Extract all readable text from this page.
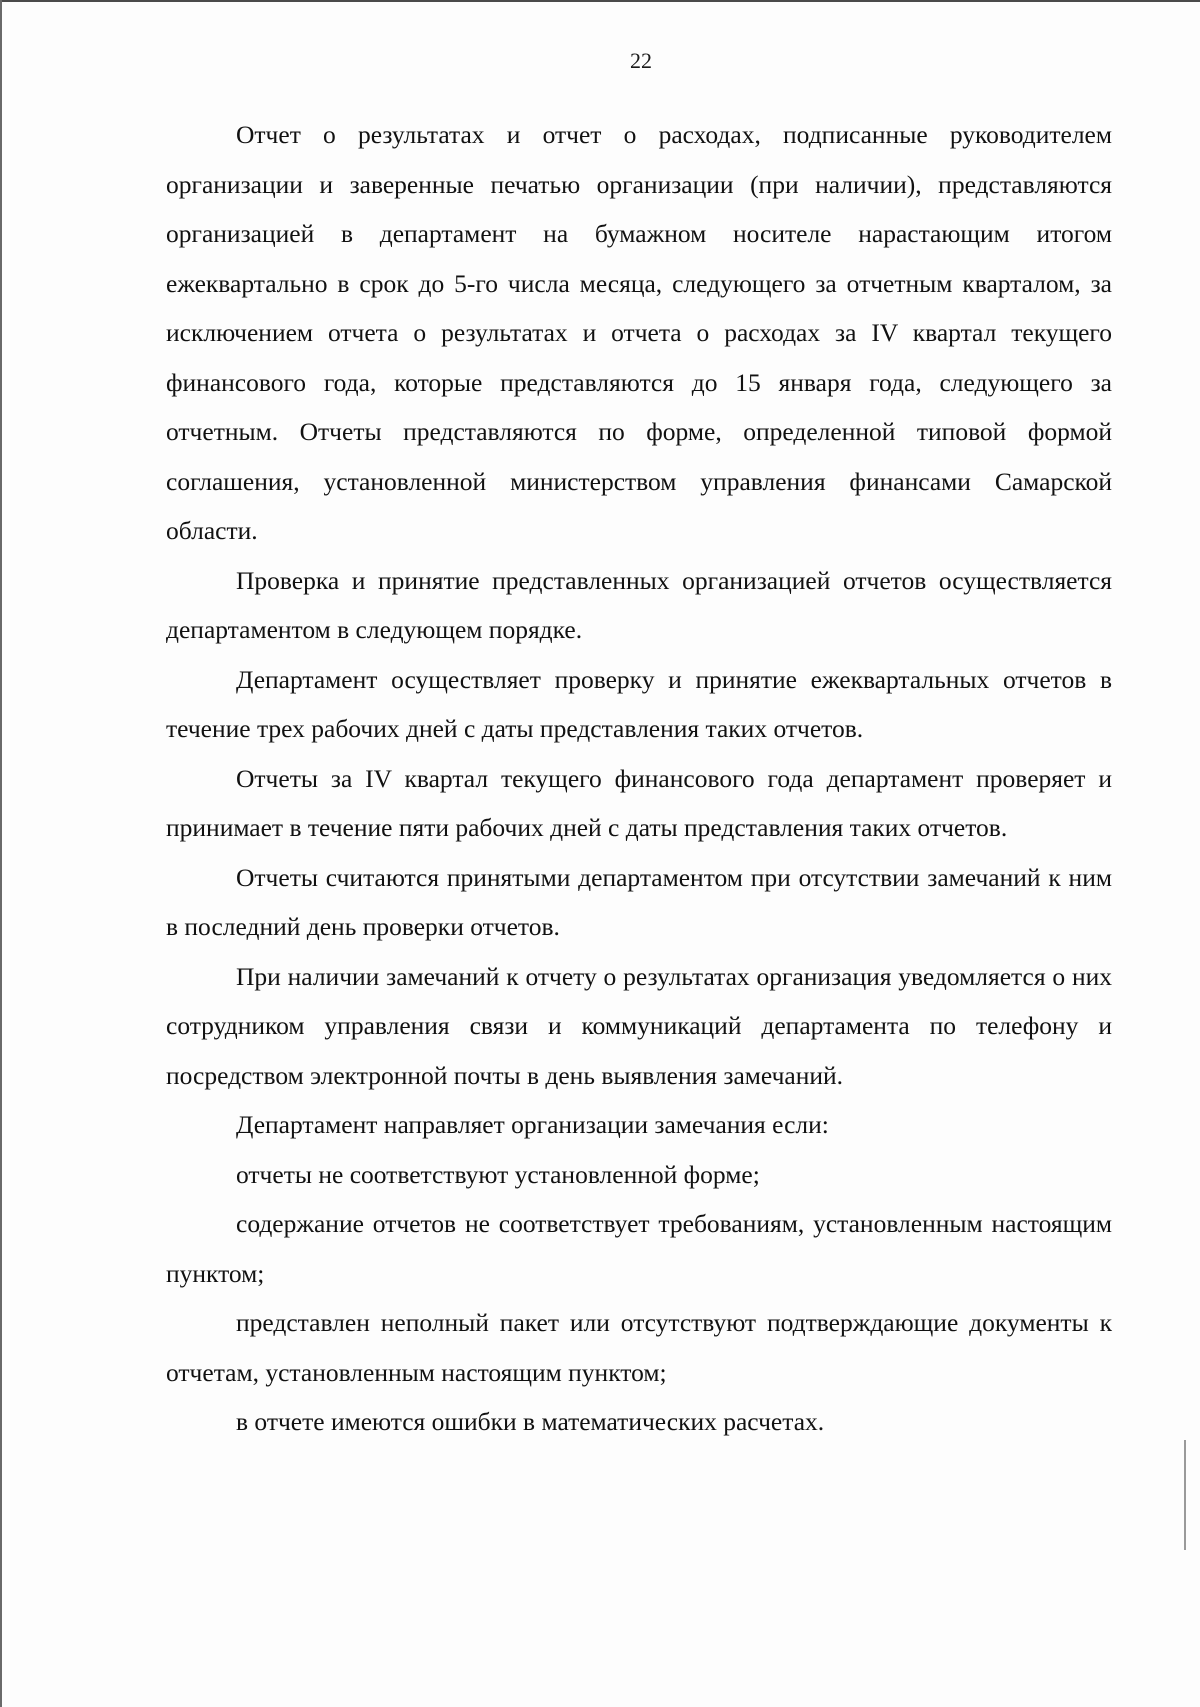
22

Отчет о результатах и отчет о расходах, подписанные руководителем организации и заверенные печатью организации (при наличии), представляются организацией в департамент на бумажном носителе нарастающим итогом ежеквартально в срок до 5-го числа месяца, следующего за отчетным кварталом, за исключением отчета о результатах и отчета о расходах за IV квартал текущего финансового года, которые представляются до 15 января года, следующего за отчетным. Отчеты представляются по форме, определенной типовой формой соглашения, установленной министерством управления финансами Самарской области.

Проверка и принятие представленных организацией отчетов осуществляется департаментом в следующем порядке.

Департамент осуществляет проверку и принятие ежеквартальных отчетов в течение трех рабочих дней с даты представления таких отчетов.

Отчеты за IV квартал текущего финансового года департамент проверяет и принимает в течение пяти рабочих дней с даты представления таких отчетов.

Отчеты считаются принятыми департаментом при отсутствии замечаний к ним в последний день проверки отчетов.

При наличии замечаний к отчету о результатах организация уведомляется о них сотрудником управления связи и коммуникаций департамента по телефону и посредством электронной почты в день выявления замечаний.

Департамент направляет организации замечания если:

отчеты не соответствуют установленной форме;

содержание отчетов не соответствует требованиям, установленным настоящим пунктом;

представлен неполный пакет или отсутствуют подтверждающие документы к отчетам, установленным настоящим пунктом;

в отчете имеются ошибки в математических расчетах.
